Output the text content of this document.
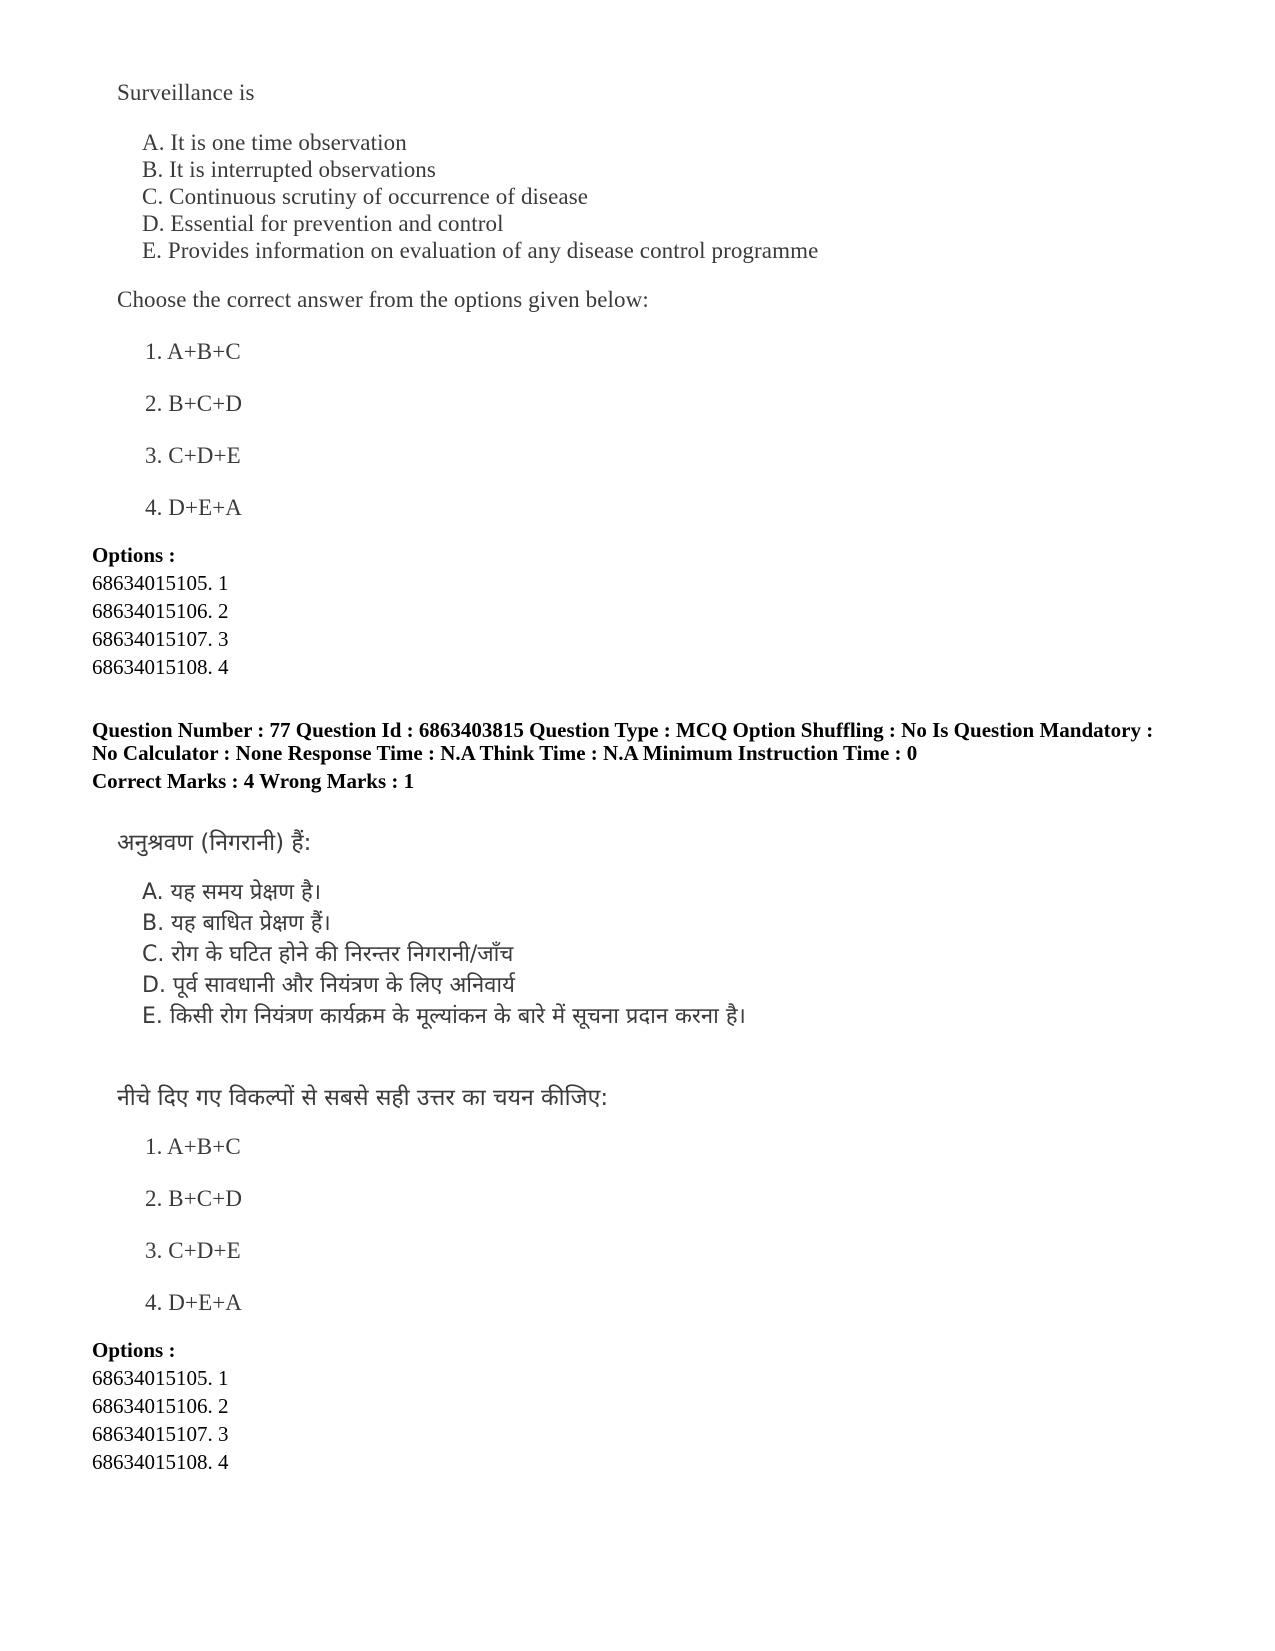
Surveillance is
A. It is one time observation
B. It is interrupted observations
C. Continuous scrutiny of occurrence of disease
D. Essential for prevention and control
E. Provides information on evaluation of any disease control programme
Choose the correct answer from the options given below:
1. A+B+C
2. B+C+D
3. C+D+E
4. D+E+A
Options :
68634015105. 1
68634015106. 2
68634015107. 3
68634015108. 4
Question Number : 77 Question Id : 6863403815 Question Type : MCQ Option Shuffling : No Is Question Mandatory :
No Calculator : None Response Time : N.A Think Time : N.A Minimum Instruction Time : 0
Correct Marks : 4 Wrong Marks : 1
अनुश्रवण (निगरानी) हैं:
A. यह समय प्रेक्षण है।
B. यह बाधित प्रेक्षण हैं।
C. रोग के घटित होने की निरन्तर निगरानी/जाँच
D. पूर्व सावधानी और नियंत्रण के लिए अनिवार्य
E. किसी रोग नियंत्रण कार्यक्रम के मूल्यांकन के बारे में सूचना प्रदान करना है।
नीचे दिए गए विकल्पों से सबसे सही उत्तर का चयन कीजिए:
1. A+B+C
2. B+C+D
3. C+D+E
4. D+E+A
Options :
68634015105. 1
68634015106. 2
68634015107. 3
68634015108. 4
